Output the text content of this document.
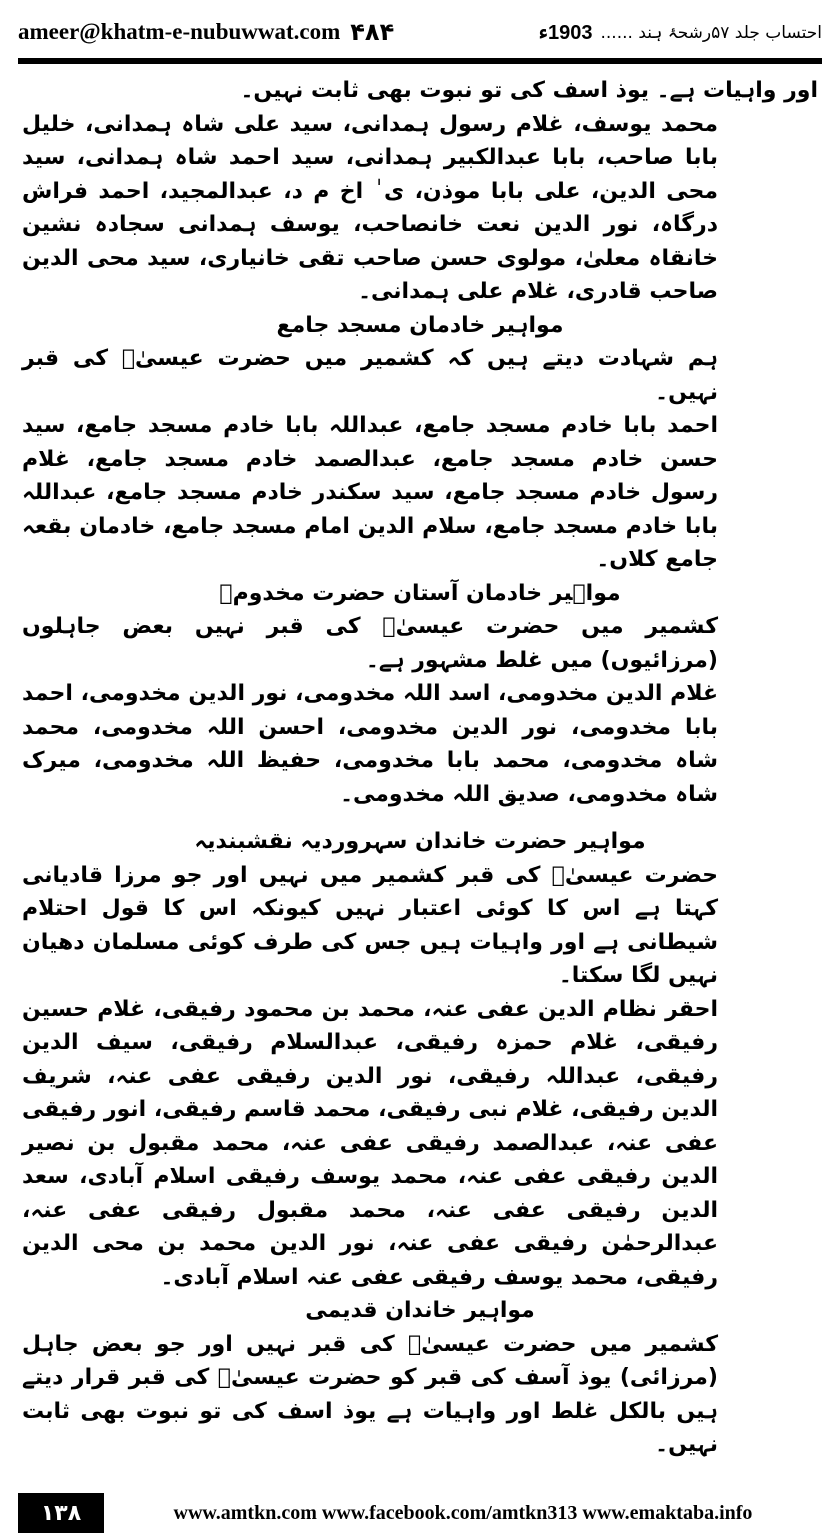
ameer@khatm-e-nubuwwat.com ۴۸۴	احتساب جلد ۵۷رشحۂ ہند ......
1903ء

اور واہیات ہے۔ یوذ اسف کی تو نبوت بھی ثابت نہیں۔

محمد یوسف، غلام رسول ہمدانی، سید علی شاہ ہمدانی، خلیل بابا صاحب، بابا عبدالکبیر ہمدانی، سید احمد شاہ ہمدانی، سید محی الدین، علی بابا موذن، ی ٰ اخ م د، عبدالمجید، احمد فراش درگاہ، نور الدین نعت خانصاحب، یوسف ہمدانی سجادہ نشین خانقاہ معلیٰ، مولوی حسن صاحب تقی خانیاری، سید محی الدین صاحب قادری، غلام علی ہمدانی۔

مواہیر خادمان مسجد جامع

ہم شہادت دیتے ہیں کہ کشمیر میں حضرت عیسیٰؑ کی قبر نہیں۔

احمد بابا خادم مسجد جامع، عبداللہ بابا خادم مسجد جامع، سید حسن خادم مسجد جامع، عبدالصمد خادم مسجد جامع، غلام رسول خادم مسجد جامع، سید سکندر خادم مسجد جامع، عبداللہ بابا خادم مسجد جامع، سلام الدین امام مسجد جامع، خادمان بقعہ جامع کلاں۔

مواہیر خادمان آستان حضرت مخدومؒ

کشمیر میں حضرت عیسیٰؑ کی قبر نہیں بعض جاہلوں (مرزائیوں) میں غلط مشہور ہے۔

غلام الدین مخدومی، اسد اللہ مخدومی، نور الدین مخدومی، احمد بابا مخدومی، نور الدین مخدومی، احسن اللہ مخدومی، محمد شاہ مخدومی، محمد بابا مخدومی، حفیظ اللہ مخدومی، میرک شاہ مخدومی، صدیق اللہ مخدومی۔

مواہیر حضرت خاندان سہروردیہ نقشبندیہ

حضرت عیسیٰؑ کی قبر کشمیر میں نہیں اور جو مرزا قادیانی کہتا ہے اس کا کوئی اعتبار نہیں کیونکہ اس کا قول احتلام شیطانی ہے اور واہیات ہیں جس کی طرف کوئی مسلمان دھیان نہیں لگا سکتا۔

احقر نظام الدین عفی عنہ، محمد بن محمود رفیقی، غلام حسین رفیقی، غلام حمزہ رفیقی، عبدالسلام رفیقی، سیف الدین رفیقی، عبداللہ رفیقی، نور الدین رفیقی عفی عنہ، شریف الدین رفیقی، غلام نبی رفیقی، محمد قاسم رفیقی، انور رفیقی عفی عنہ، عبدالصمد رفیقی عفی عنہ، محمد مقبول بن نصیر الدین رفیقی عفی عنہ، محمد یوسف رفیقی اسلام آبادی، سعد الدین رفیقی عفی عنہ، محمد مقبول رفیقی عفی عنہ، عبدالرحمٰن رفیقی عفی عنہ، نور الدین محمد بن محی الدین رفیقی، محمد یوسف رفیقی عفی عنہ اسلام آبادی۔

مواہیر خاندان قدیمی

کشمیر میں حضرت عیسیٰؑ کی قبر نہیں اور جو بعض جاہل (مرزائی) یوذ آسف کی قبر کو حضرت عیسیٰؑ کی قبر قرار دیتے ہیں بالکل غلط اور واہیات ہے یوذ اسف کی تو نبوت بھی ثابت نہیں۔

۱۳۸	www.amtkn.com www.facebook.com/amtkn313 www.emaktaba.info
